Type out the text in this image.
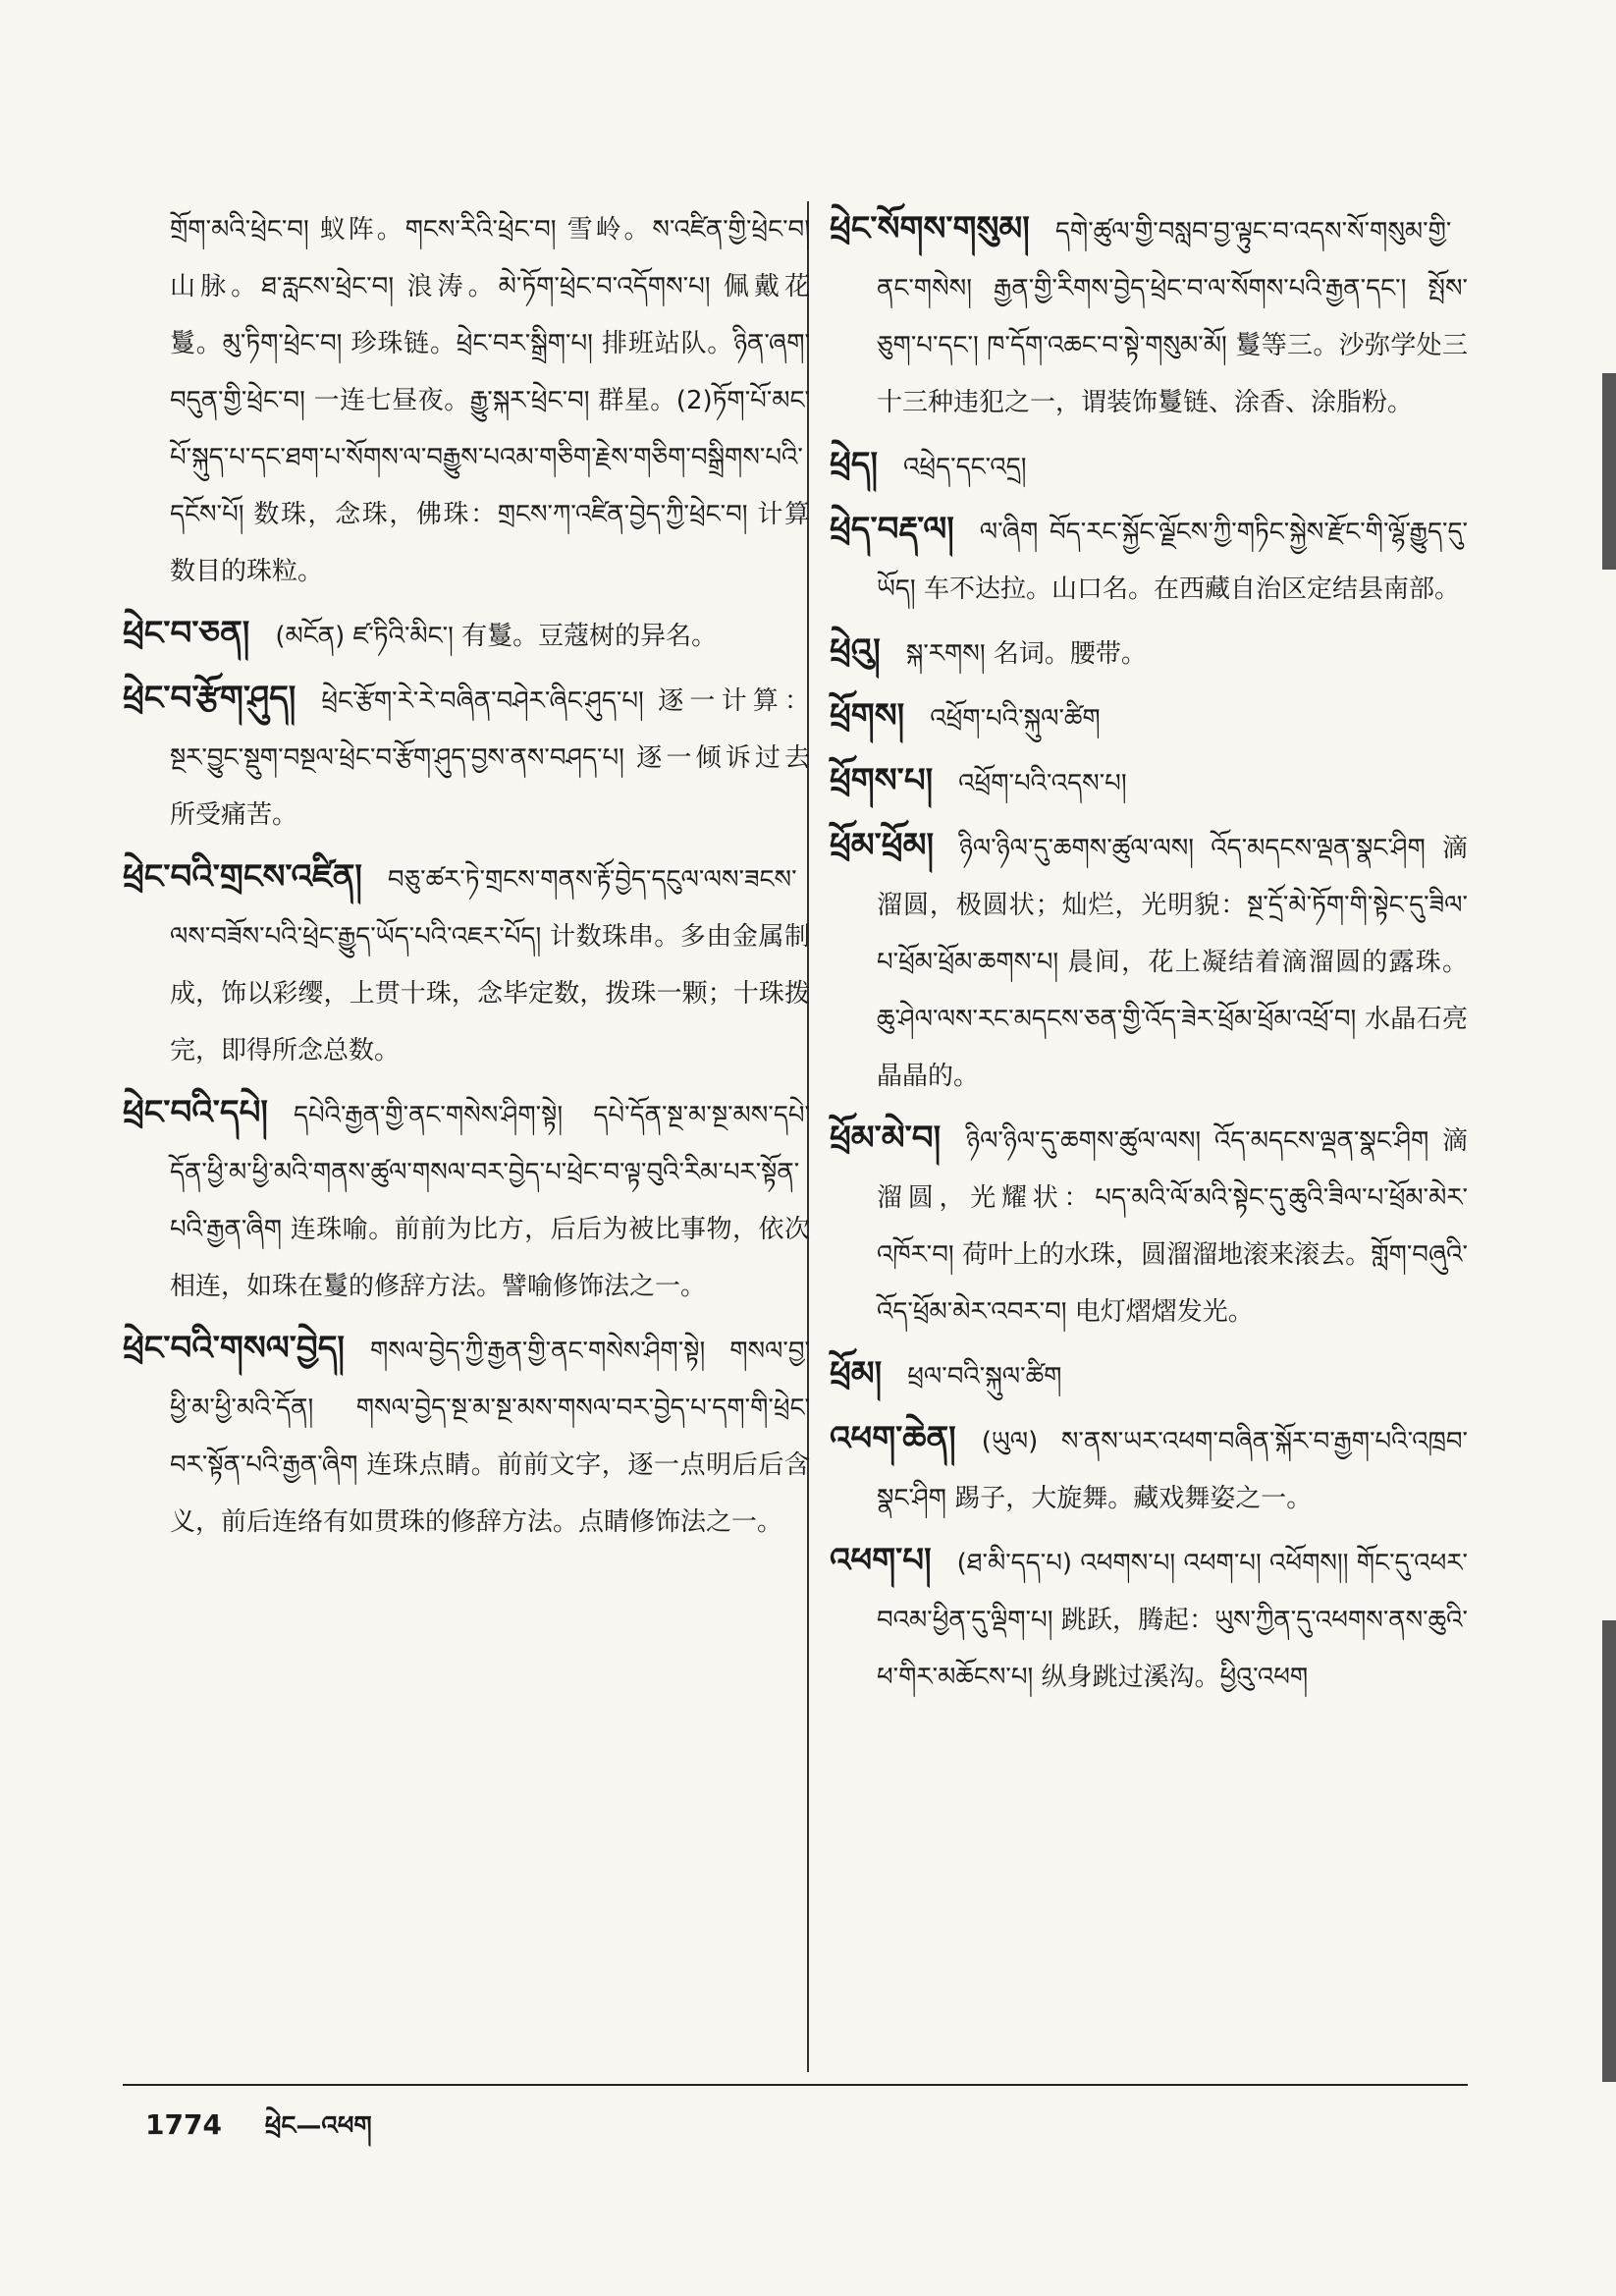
གྲོག་མའི་ཕྲེང་བ། 蚁阵。གངས་རིའི་ཕྲེང་བ། 雪岭。ས་འཛིན་གྱི་ཕྲེང་བ། 山脉。ཐ་རླངས་ཕྲེང་བ། 浪涛。མེ་ཏོག་ཕྲེང་བ་འདོགས་པ། 佩戴花鬘。མུ་ཏིག་ཕྲེང་བ། 珍珠链。ཕྲེང་བར་སྒྲིག་པ། 排班站队。ཉིན་ཞག་བདུན་གྱི་ཕྲེང་བ། 一连七昼夜。རྒྱུ་སྐར་ཕྲེང་བ། 群星。(2)ཏོག་པོ་མང་པོ་སྐུད་པ་དང་ཐག་པ་སོགས་ལ་བརྒྱུས་པའམ་གཅིག་རྗེས་གཅིག་བསྒྲིགས་པའི་དངོས་པོ། 数珠，念珠，佛珠：གྲངས་ཀ་འཛིན་བྱེད་ཀྱི་ཕྲེང་བ། 计算数目的珠粒。

ཕྲེང་བ་ཅན། (མངོན) ཛ་ཏིའི་མིང་། 有鬘。豆蔻树的异名。

ཕྲེང་བ་རྩོག་ཤུད། ཕྲེང་རྩོག་རེ་རེ་བཞིན་བཤེར་ཞིང་ཤུད་པ། 逐一计算：སྔར་བྱུང་སྡུག་བསྔལ་ཕྲེང་བ་རྩོག་ཤུད་བྱས་ནས་བཤད་པ། 逐一倾诉过去所受痛苦。

ཕྲེང་བའི་གྲངས་འཛིན། བཅུ་ཚར་ཏེ་གྲངས་གནས་རྟོ་བྱེད་དངུལ་ལས་ཟངས་ལས་བཟོས་པའི་ཕྲེང་རྒྱུད་ཡོད་པའི་འཇར་པོད། 计数珠串。多由金属制成，饰以彩缨，上贯十珠，念毕定数，拨珠一颗；十珠拨完，即得所念总数。

ཕྲེང་བའི་དཔེ། དཔེའི་རྒྱན་གྱི་ནང་གསེས་ཤིག་སྟེ། དཔེ་དོན་སྔ་མ་སྔ་མས་དཔེ་དོན་ཕྱི་མ་ཕྱི་མའི་གནས་ཚུལ་གསལ་བར་བྱེད་པ་ཕྲེང་བ་ལྟ་བུའི་རིམ་པར་སྟོན་པའི་རྒྱན་ཞིག 连珠喻。前前为比方，后后为被比事物，依次相连，如珠在鬘的修辞方法。譬喻修饰法之一。

ཕྲེང་བའི་གསལ་བྱེད། གསལ་བྱེད་ཀྱི་རྒྱན་གྱི་ནང་གསེས་ཤིག་སྟེ། གསལ་བྱ་ཕྱི་མ་ཕྱི་མའི་དོན། གསལ་བྱེད་སྔ་མ་སྔ་མས་གསལ་བར་བྱེད་པ་དག་གི་ཕྲེང་བར་སྟོན་པའི་རྒྱན་ཞིག 连珠点睛。前前文字，逐一点明后后含义，前后连络有如贯珠的修辞方法。点睛修饰法之一。

ཕྲེང་སོགས་གསུམ། དགེ་ཚུལ་གྱི་བསླབ་བྱ་ལྟུང་བ་འདས་སོ་གསུམ་གྱི་ནང་གསེས། རྒྱན་གྱི་རིགས་བྱེད་ཕྲེང་བ་ལ་སོགས་པའི་རྒྱན་དང་། སྤོས་ཅུག་པ་དང་། ཁ་དོག་འཆང་བ་སྟེ་གསུམ་མོ། 鬘等三。沙弥学处三十三种违犯之一，谓装饰鬘链、涂香、涂脂粉。

ཕྲེད། འཕྲེད་དང་འདྲ།

ཕྲེད་བརྡ་ལ། ལ་ཞིག བོད་རང་སྐྱོང་ལྗོངས་ཀྱི་གཏིང་སྐྱེས་རྫོང་གི་ལྷོ་རྒྱུད་དུ་ཡོད། 车不达拉。山口名。在西藏自治区定结县南部。

ཕྲེའུ། སྐ་རགས། 名词。腰带。

ཕྲོགས། འཕྲོག་པའི་སྐུལ་ཚིག

ཕྲོགས་པ། འཕྲོག་པའི་འདས་པ།

ཕྲོམ་ཕྲོམ། ཉིལ་ཉིལ་དུ་ཆགས་ཚུལ་ལས། འོད་མདངས་ལྡན་སྣང་ཤིག 滴溜圆，极圆状；灿烂，光明貌：སྔ་དྲོ་མེ་ཏོག་གི་སྟེང་དུ་ཟིལ་པ་ཕྲོམ་ཕྲོམ་ཆགས་པ། 晨间，花上凝结着滴溜圆的露珠。ཆུ་ཤེལ་ལས་རང་མདངས་ཅན་གྱི་འོད་ཟེར་ཕྲོམ་ཕྲོམ་འཕྲོ་བ། 水晶石亮晶晶的。

ཕྲོམ་མེ་བ། ཉིལ་ཉིལ་དུ་ཆགས་ཚུལ་ལས། འོད་མདངས་ལྡན་སྣང་ཤིག 滴溜圆，光耀状：པད་མའི་ལོ་མའི་སྟེང་དུ་ཆུའི་ཟིལ་པ་ཕྲོམ་མེར་འཁོར་བ། 荷叶上的水珠，圆溜溜地滚来滚去。གློག་བཞུའི་འོད་ཕྲོམ་མེར་འབར་བ། 电灯熠熠发光。

ཕྲོམ། ཕྲལ་བའི་སྐུལ་ཚིག

འཕག་ཆེན། (ཡུལ) ས་ནས་ཡར་འཕག་བཞིན་སྐོར་བ་རྒྱག་པའི་འཁྲབ་སྣང་ཤིག 踢子，大旋舞。藏戏舞姿之一。

འཕག་པ། (ཐ་མི་དད་པ) འཕགས་པ། འཕག་པ། འཕོགས།། གོང་དུ་འཕར་བའམ་ཕྱིན་དུ་ལྡིག་པ། 跳跃，腾起：ཡུས་ཀྱིན་དུ་འཕགས་ནས་ཆུའི་ཕ་གིར་མཆོངས་པ། 纵身跳过溪沟。ཕྱིའུ་འཕག

1774 ཕྲེང—འཕག
